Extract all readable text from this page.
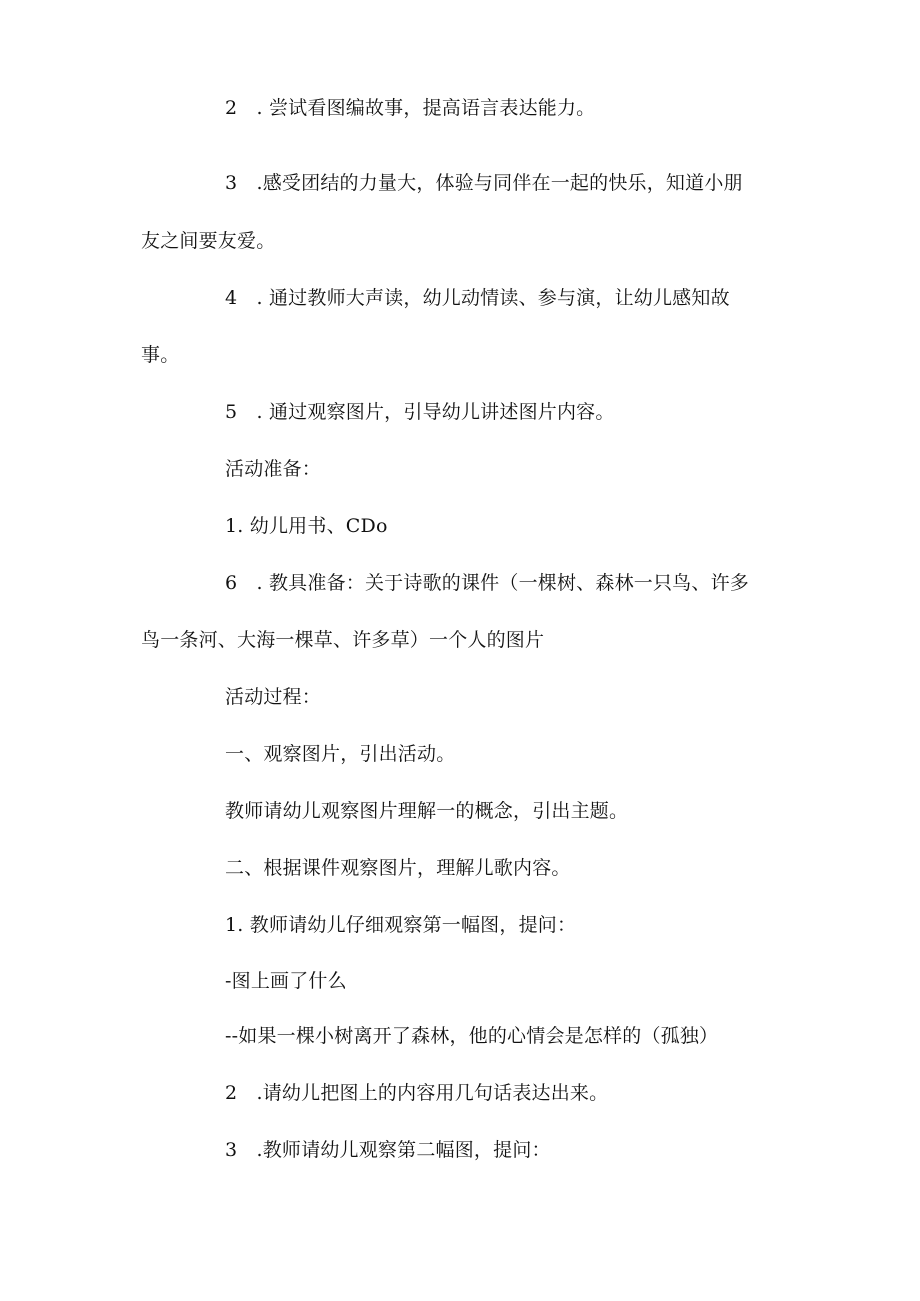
2　. 尝试看图编故事，提高语言表达能力。
3　.感受团结的力量大，体验与同伴在一起的快乐，知道小朋
友之间要友爱。
4　. 通过教师大声读，幼儿动情读、参与演，让幼儿感知故
事。
5　. 通过观察图片，引导幼儿讲述图片内容。
活动准备：
1. 幼儿用书、CDo
6　. 教具准备：关于诗歌的课件（一棵树、森林一只鸟、许多
鸟一条河、大海一棵草、许多草）一个人的图片
活动过程：
一、观察图片，引出活动。
教师请幼儿观察图片理解一的概念，引出主题。
二、根据课件观察图片，理解儿歌内容。
1. 教师请幼儿仔细观察第一幅图，提问：
-图上画了什么
--如果一棵小树离开了森林，他的心情会是怎样的（孤独）
2　.请幼儿把图上的内容用几句话表达出来。
3　.教师请幼儿观察第二幅图，提问：
